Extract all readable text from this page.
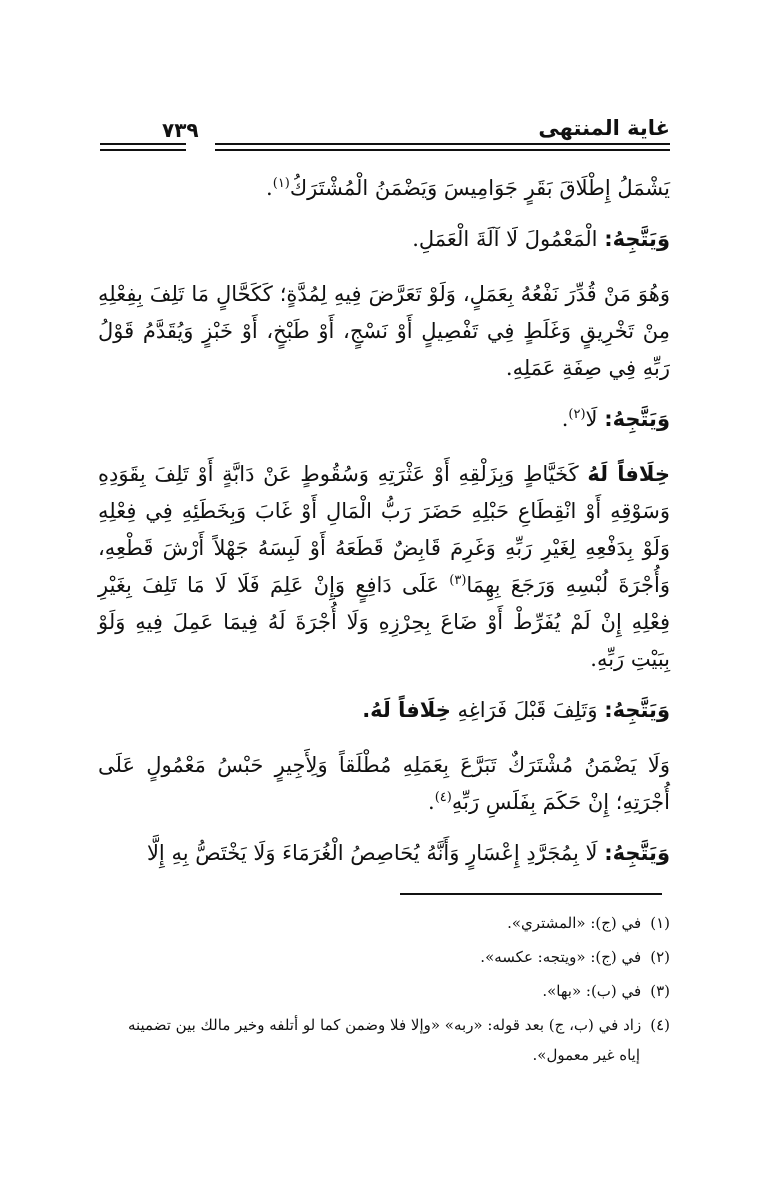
غاية المنتهى
٧٣٩

يَشْمَلُ إِطْلَاقَ بَقَرٍ جَوَامِيسَ وَيَضْمَنُ الْمُشْتَرَكُ$^{(١)}$.

وَيَتَّجِهُ: الْمَعْمُولَ لَا آلَةَ الْعَمَلِ.

وَهُوَ مَنْ قُدِّرَ نَفْعُهُ بِعَمَلٍ، وَلَوْ تَعَرَّضَ فِيهِ لِمُدَّةٍ؛ كَكَحَّالٍ مَا تَلِفَ بِفِعْلِهِ مِنْ تَخْرِيقٍ وَغَلَطٍ فِي تَفْصِيلٍ أَوْ نَسْجٍ، أَوْ طَبْخٍ، أَوْ خَبْزٍ وَيُقَدَّمُ قَوْلُ رَبِّهِ فِي صِفَةِ عَمَلِهِ.

وَيَتَّجِهُ: لَا$^{(٢)}$.

خِلَافاً لَهُ كَخَيَّاطٍ وَبِزَلْقِهِ أَوْ عَثْرَتِهِ وَسُقُوطٍ عَنْ دَابَّةٍ أَوْ تَلِفَ بِقَوَدِهِ وَسَوْقِهِ أَوْ انْقِطَاعِ حَبْلِهِ حَضَرَ رَبُّ الْمَالِ أَوْ غَابَ وَبِخَطَئِهِ فِي فِعْلِهِ وَلَوْ بِدَفْعِهِ لِغَيْرِ رَبِّهِ وَغَرِمَ قَابِضٌ قَطَعَهُ أَوْ لَبِسَهُ جَهْلاً أَرْشَ قَطْعِهِ، وَأُجْرَةَ لُبْسِهِ وَرَجَعَ بِهِمَا$^{(٣)}$ عَلَى دَافِعٍ وَإِنْ عَلِمَ فَلَا لَا مَا تَلِفَ بِغَيْرِ فِعْلِهِ إِنْ لَمْ يُفَرِّطْ أَوْ ضَاعَ بِحِرْزِهِ وَلَا أُجْرَةَ لَهُ فِيمَا عَمِلَ فِيهِ وَلَوْ بِبَيْتِ رَبِّهِ.

وَيَتَّجِهُ: وَتَلِفَ قَبْلَ فَرَاغِهِ خِلَافاً لَهُ.

وَلَا يَضْمَنُ مُشْتَرَكٌ تَبَرَّعَ بِعَمَلِهِ مُطْلَقاً وَلِأَجِيرٍ حَبْسُ مَعْمُولٍ عَلَى أُجْرَتِهِ؛ إِنْ حَكَمَ بِفَلَسِ رَبِّهِ$^{(٤)}$.

وَيَتَّجِهُ: لَا بِمُجَرَّدِ إِعْسَارٍ وَأَنَّهُ يُحَاصِصُ الْغُرَمَاءَ وَلَا يَخْتَصُّ بِهِ إِلَّا

(١) في (ج): «المشتري».

(٢) في (ج): «ويتجه: عكسه».

(٣) في (ب): «بها».

(٤) زاد في (ب، ج) بعد قوله: «ربه» «وإلا فلا وضمن كما لو أتلفه وخير مالك بين تضمينه
إياه غير معمول».
